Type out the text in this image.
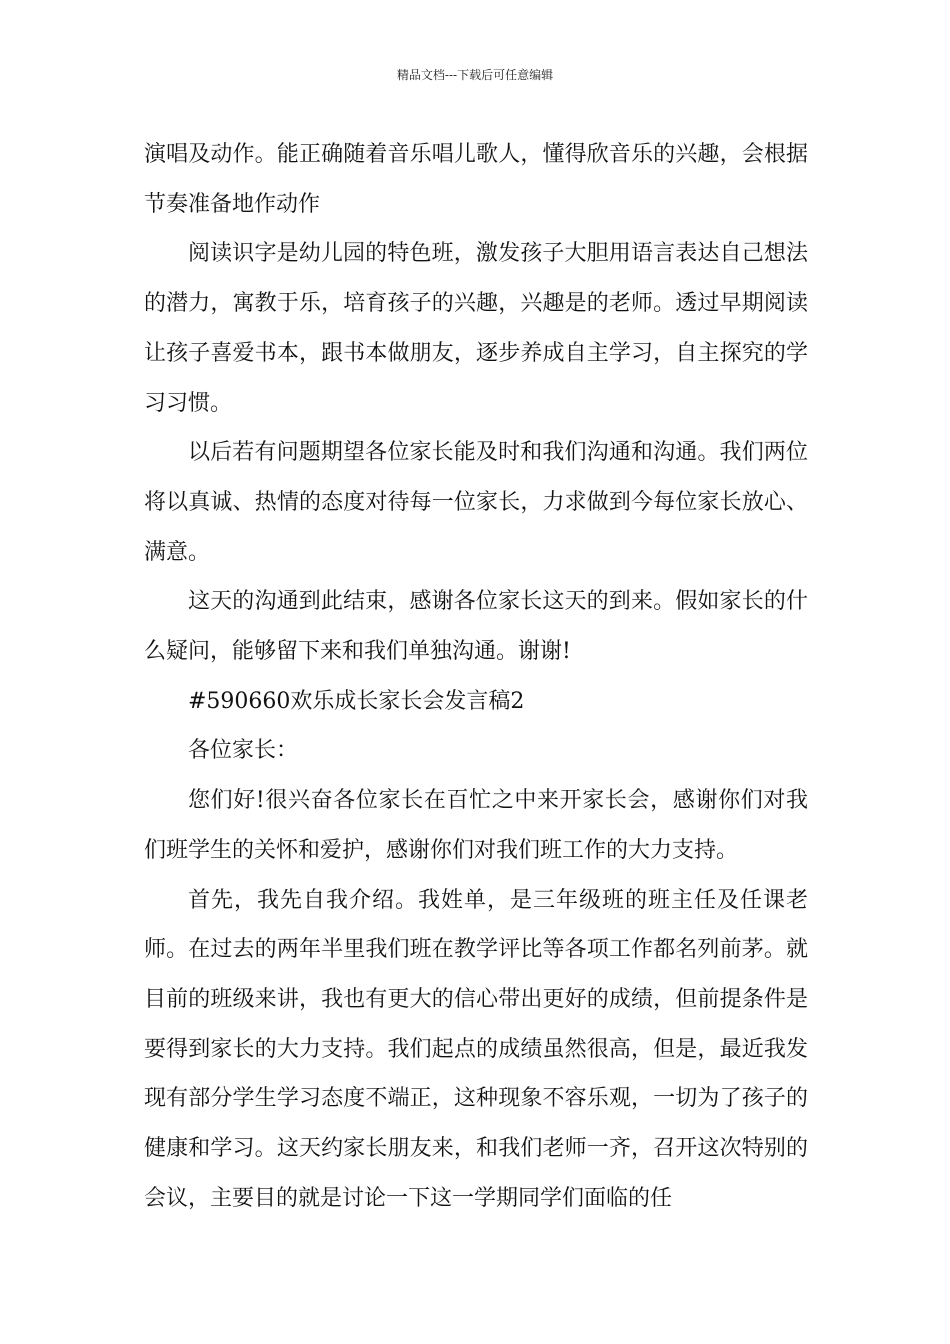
精品文档---下载后可任意编辑

演唱及动作。能正确随着音乐唱儿歌人，懂得欣音乐的兴趣，会根据节奏准备地作动作

阅读识字是幼儿园的特色班，激发孩子大胆用语言表达自己想法的潜力，寓教于乐，培育孩子的兴趣，兴趣是的老师。透过早期阅读让孩子喜爱书本，跟书本做朋友，逐步养成自主学习，自主探究的学习习惯。

以后若有问题期望各位家长能及时和我们沟通和沟通。我们两位将以真诚、热情的态度对待每一位家长，力求做到今每位家长放心、满意。

这天的沟通到此结束，感谢各位家长这天的到来。假如家长的什么疑问，能够留下来和我们单独沟通。谢谢!

#590660欢乐成长家长会发言稿2

各位家长：

您们好!很兴奋各位家长在百忙之中来开家长会，感谢你们对我们班学生的关怀和爱护，感谢你们对我们班工作的大力支持。

首先，我先自我介绍。我姓单，是三年级班的班主任及任课老师。在过去的两年半里我们班在教学评比等各项工作都名列前茅。就目前的班级来讲，我也有更大的信心带出更好的成绩，但前提条件是要得到家长的大力支持。我们起点的成绩虽然很高，但是，最近我发现有部分学生学习态度不端正，这种现象不容乐观，一切为了孩子的健康和学习。这天约家长朋友来，和我们老师一齐，召开这次特别的会议，主要目的就是讨论一下这一学期同学们面临的任
